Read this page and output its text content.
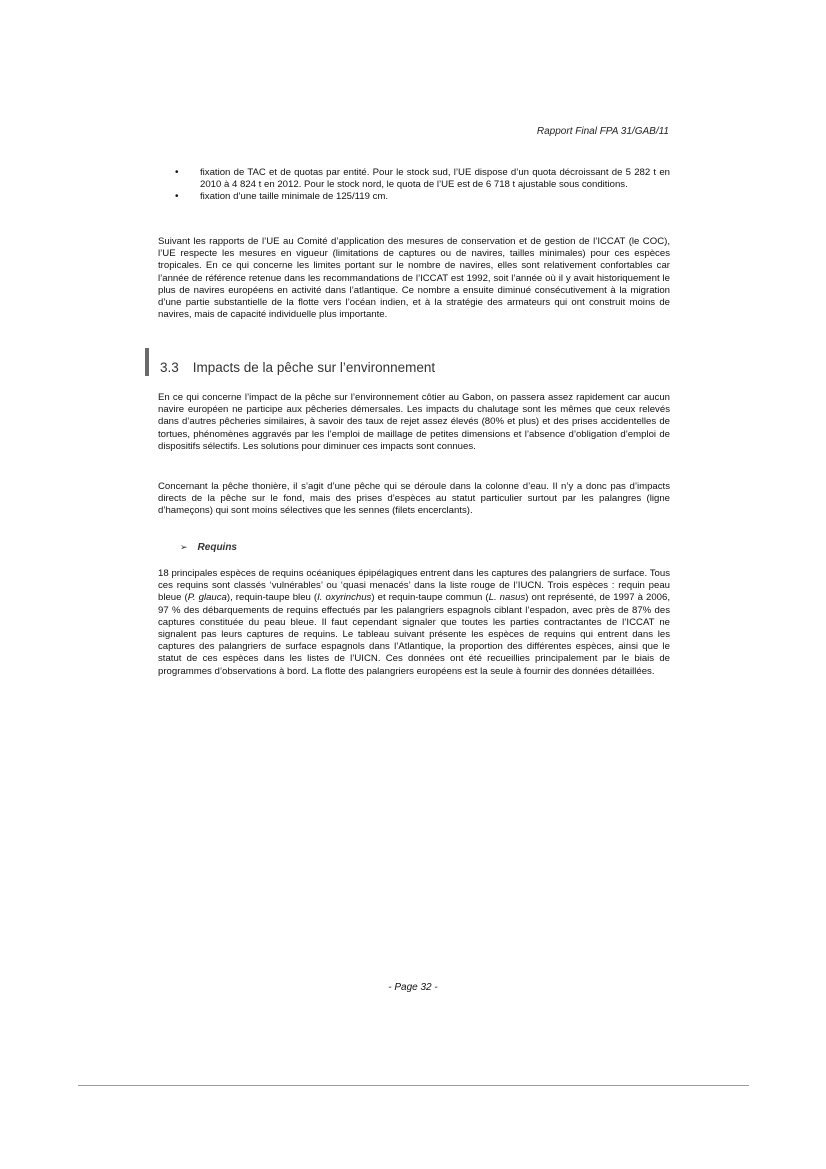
Rapport Final FPA 31/GAB/11
• fixation de TAC et de quotas par entité. Pour le stock sud, l’UE dispose d’un quota décroissant de 5 282 t en 2010 à 4 824 t en 2012. Pour le stock nord, le quota de l’UE est de 6 718 t ajustable sous conditions.
• fixation d’une taille minimale de 125/119 cm.

Suivant les rapports de l’UE au Comité d’application des mesures de conservation et de gestion de l’ICCAT (le COC), l’UE respecte les mesures en vigueur (limitations de captures ou de navires, tailles minimales) pour ces espèces tropicales. En ce qui concerne les limites portant sur le nombre de navires, elles sont relativement confortables car l’année de référence retenue dans les recommandations de l’ICCAT est 1992, soit l’année où il y avait historiquement le plus de navires européens en activité dans l’atlantique. Ce nombre a ensuite diminué consécutivement à la migration d’une partie substantielle de la flotte vers l’océan indien, et à la stratégie des armateurs qui ont construit moins de navires, mais de capacité individuelle plus importante.

3.3 Impacts de la pêche sur l’environnement

En ce qui concerne l’impact de la pêche sur l’environnement côtier au Gabon, on passera assez rapidement car aucun navire européen ne participe aux pêcheries démersales. Les impacts du chalutage sont les mêmes que ceux relevés dans d’autres pêcheries similaires, à savoir des taux de rejet assez élevés (80% et plus) et des prises accidentelles de tortues, phénomènes aggravés par les l’emploi de maillage de petites dimensions et l’absence d’obligation d’emploi de dispositifs sélectifs. Les solutions pour diminuer ces impacts sont connues.

Concernant la pêche thonière, il s’agit d’une pêche qui se déroule dans la colonne d’eau. Il n’y a donc pas d’impacts directs de la pêche sur le fond, mais des prises d’espèces au statut particulier surtout par les palangres (ligne d’hameçons) qui sont moins sélectives que les sennes (filets encerclants).

➢ Requins

18 principales espèces de requins océaniques épipélagiques entrent dans les captures des palangriers de surface. Tous ces requins sont classés ‘vulnérables’ ou ‘quasi menacés’ dans la liste rouge de l’IUCN. Trois espèces : requin peau bleue (P. glauca), requin-taupe bleu (I. oxyrinchus) et requin-taupe commun (L. nasus) ont représenté, de 1997 à 2006, 97 % des débarquements de requins effectués par les palangriers espagnols ciblant l’espadon, avec près de 87% des captures constituée du peau bleue. Il faut cependant signaler que toutes les parties contractantes de l’ICCAT ne signalent pas leurs captures de requins. Le tableau suivant présente les espèces de requins qui entrent dans les captures des palangriers de surface espagnols dans l’Atlantique, la proportion des différentes espèces, ainsi que le statut de ces espèces dans les listes de l’UICN. Ces données ont été recueillies principalement par le biais de programmes d’observations à bord. La flotte des palangriers européens est la seule à fournir des données détaillées.

- Page 32 -
